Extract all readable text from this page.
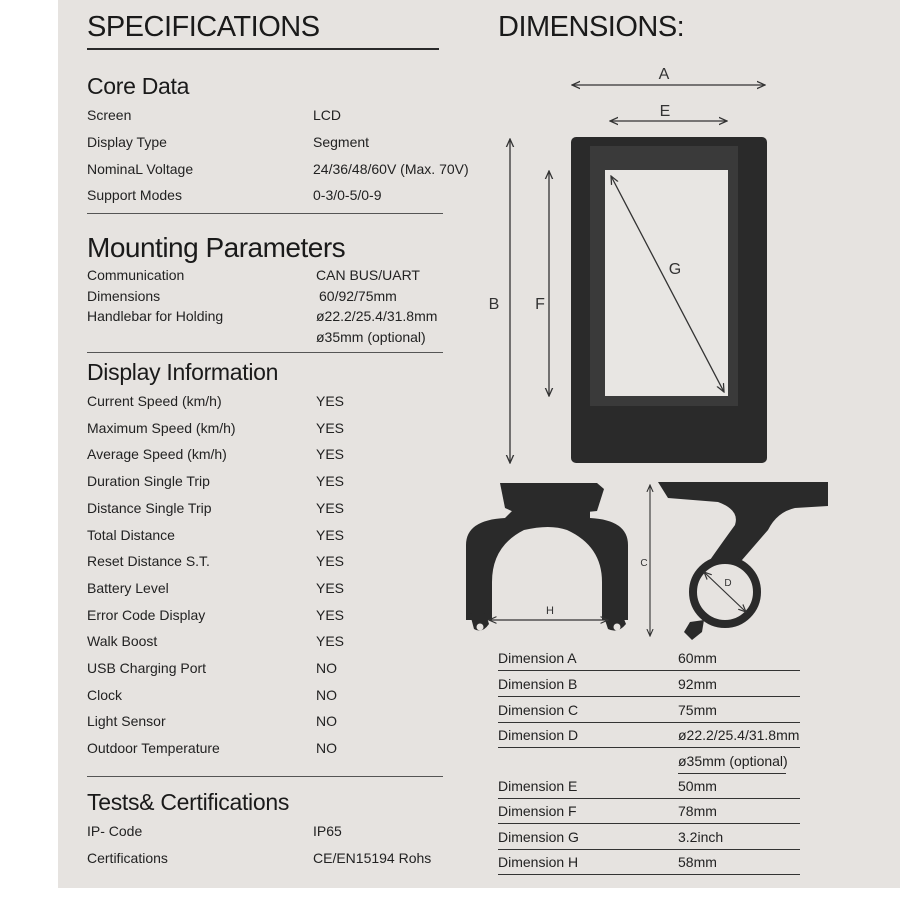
SPECIFICATIONS
Core Data
Screen	LCD
Display Type	Segment
NominaL Voltage	24/36/48/60V (Max. 70V)
Support Modes	0-3/0-5/0-9
Mounting Parameters
Communication	CAN BUS/UART
Dimensions	60/92/75mm
Handlebar for Holding	ø22.2/25.4/31.8mm
ø35mm (optional)
Display Information
Current Speed (km/h)	YES
Maximum Speed (km/h)	YES
Average Speed (km/h)	YES
Duration Single Trip	YES
Distance Single Trip	YES
Total Distance	YES
Reset Distance S.T.	YES
Battery Level	YES
Error Code Display	YES
Walk Boost	YES
USB Charging Port	NO
Clock	NO
Light Sensor	NO
Outdoor Temperature	NO
Tests& Certifications
IP- Code	IP65
Certifications	CE/EN15194 Rohs
DIMENSIONS:
A
E
G
B F
H
D
C
Dimension A	60mm
Dimension B	92mm
Dimension C	75mm
Dimension D	ø22.2/25.4/31.8mm
ø35mm (optional)
Dimension E	50mm
Dimension F	78mm
Dimension G	3.2inch
Dimension H	58mm
